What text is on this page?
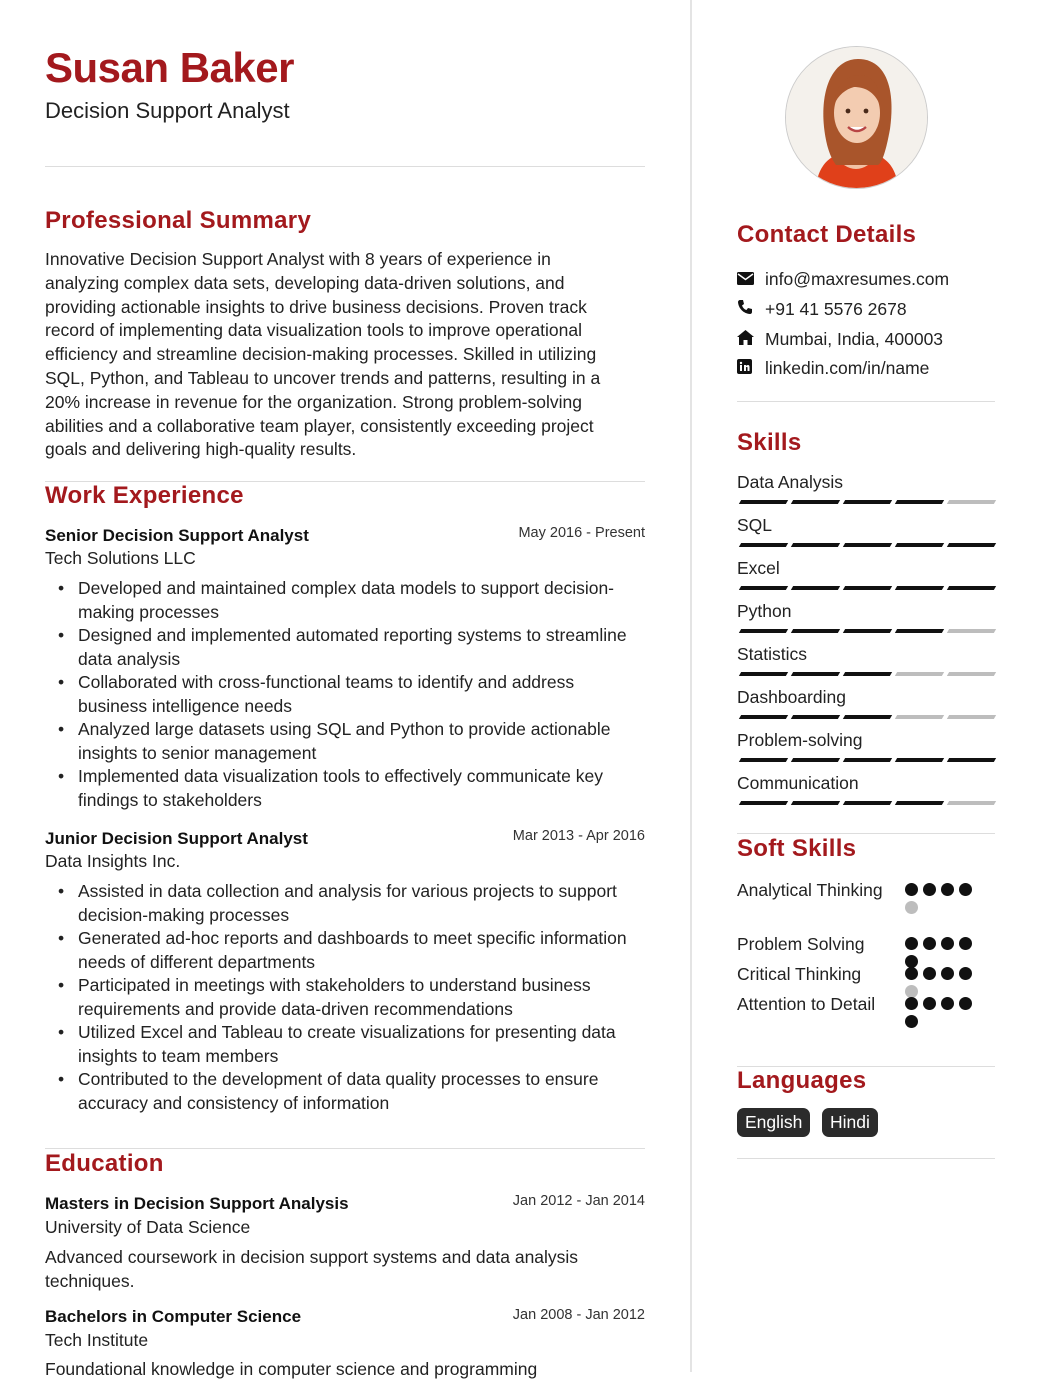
Susan Baker
Decision Support Analyst
Professional Summary

Innovative Decision Support Analyst with 8 years of experience in analyzing complex data sets, developing data-driven solutions, and providing actionable insights to drive business decisions. Proven track record of implementing data visualization tools to improve operational efficiency and streamline decision-making processes. Skilled in utilizing SQL, Python, and Tableau to uncover trends and patterns, resulting in a 20% increase in revenue for the organization. Strong problem-solving abilities and a collaborative team player, consistently exceeding project goals and delivering high-quality results.

Work Experience
Senior Decision Support Analyst	May 2016 - Present
Tech Solutions LLC
• Developed and maintained complex data models to support decision-making processes
• Designed and implemented automated reporting systems to streamline data analysis
• Collaborated with cross-functional teams to identify and address business intelligence needs
• Analyzed large datasets using SQL and Python to provide actionable insights to senior management
• Implemented data visualization tools to effectively communicate key findings to stakeholders
Junior Decision Support Analyst	Mar 2013 - Apr 2016
Data Insights Inc.
• Assisted in data collection and analysis for various projects to support decision-making processes
• Generated ad-hoc reports and dashboards to meet specific information needs of different departments
• Participated in meetings with stakeholders to understand business requirements and provide data-driven recommendations
• Utilized Excel and Tableau to create visualizations for presenting data insights to team members
• Contributed to the development of data quality processes to ensure accuracy and consistency of information
Education
Masters in Decision Support Analysis	Jan 2012 - Jan 2014
University of Data Science

Advanced coursework in decision support systems and data analysis techniques.

Bachelors in Computer Science	Jan 2008 - Jan 2012
Tech Institute

Foundational knowledge in computer science and programming

Contact Details
info@maxresumes.com
+91 41 5576 2678
Mumbai, India, 400003
linkedin.com/in/name
Skills
Data Analysis
SQL
Excel
Python
Statistics
Dashboarding
Problem-solving
Communication
Soft Skills
Analytical Thinking
Problem Solving
Critical Thinking
Attention to Detail
Languages
English	Hindi
